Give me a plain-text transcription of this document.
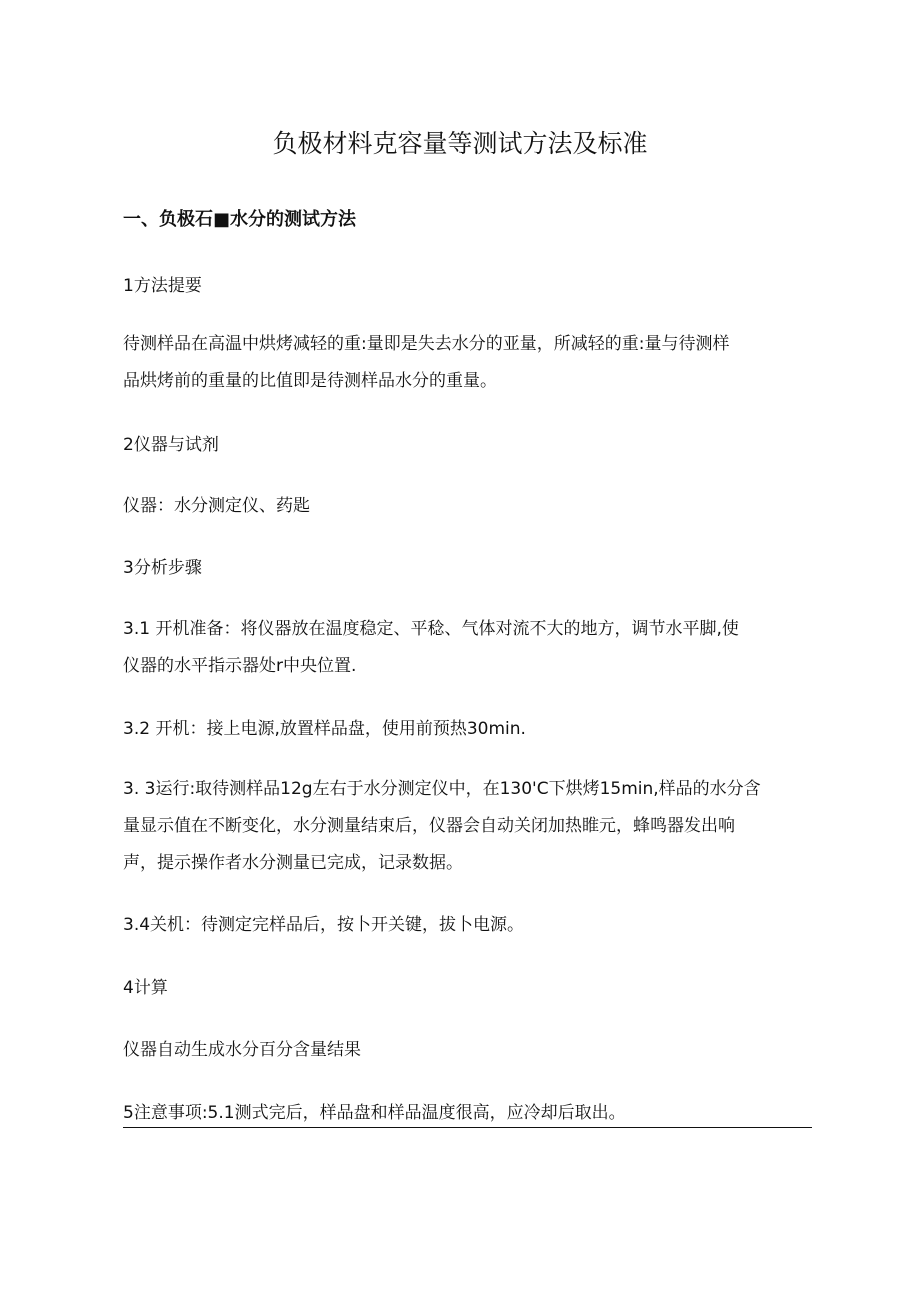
负极材料克容量等测试方法及标准
一、负极石■水分的测试方法
1方法提要
待测样品在高温中烘烤减轻的重:量即是失去水分的亚量，所减轻的重:量与待测样
品烘烤前的重量的比值即是待测样品水分的重量。
2仪器与试剂
仪器：水分测定仪、药匙
3分析步骤
3.1 开机准备：将仪器放在温度稳定、平稔、气体对流不大的地方，调节水平脚,使
仪器的水平指示器处r中央位置.
3.2 开机：接上电源,放置样品盘，使用前预热30min.
3. 3运行:取待测样品12g左右于水分测定仪中，在130'C下烘烤15min,样品的水分含
量显示值在不断变化，水分测量结束后，仪器会自动关闭加热睢元，蜂鸣器发出响
声，提示操作者水分测量已完成，记录数据。
3.4关机：待测定完样品后，按卜开关键，拔卜电源。
4计算
仪器自动生成水分百分含量结果
5注意事项:5.1测式完后，样品盘和样品温度很高，应冷却后取出。
